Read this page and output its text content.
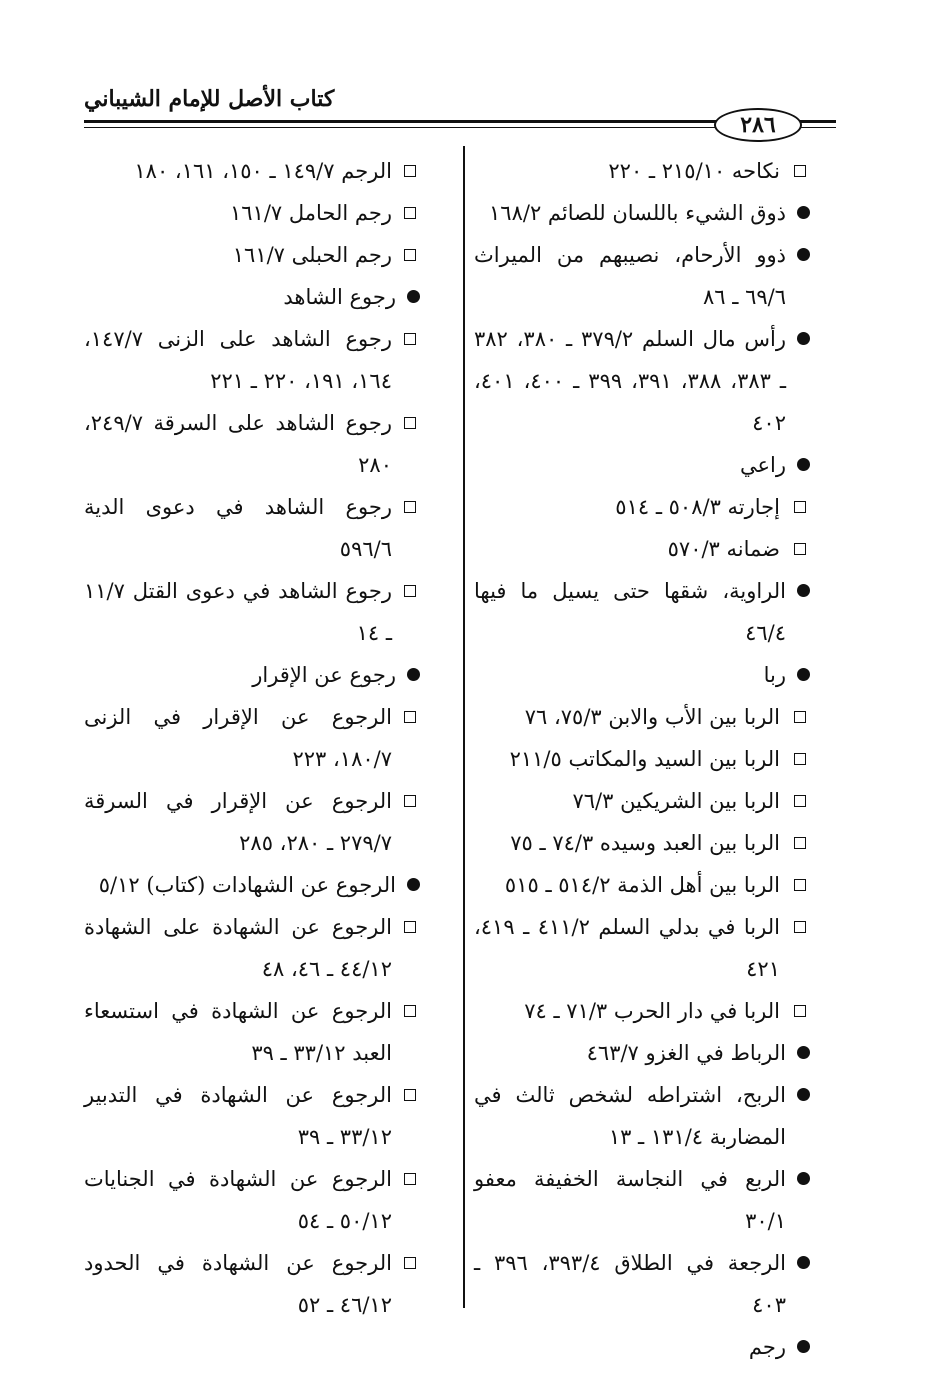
كتاب الأصل للإمام الشيباني
٢٨٦
نكاحه ٢١٥/١٠ ـ ٢٢٠
ذوق الشيء باللسان للصائم ١٦٨/٢
ذوو الأرحام، نصيبهم من الميراث ٦٩/٦ ـ ٨٦
رأس مال السلم ٣٧٩/٢ ـ ٣٨٠، ٣٨٢ ـ ٣٨٣، ٣٨٨، ٣٩١، ٣٩٩ ـ ٤٠٠، ٤٠١، ٤٠٢
راعي
إجارته ٥٠٨/٣ ـ ٥١٤
ضمانه ٥٧٠/٣
الراوية، شقها حتى يسيل ما فيها ٤٦/٤
ربا
الربا بين الأب والابن ٧٥/٣، ٧٦
الربا بين السيد والمكاتب ٢١١/٥
الربا بين الشريكين ٧٦/٣
الربا بين العبد وسيده ٧٤/٣ ـ ٧٥
الربا بين أهل الذمة ٥١٤/٢ ـ ٥١٥
الربا في بدلي السلم ٤١١/٢ ـ ٤١٩، ٤٢١
الربا في دار الحرب ٧١/٣ ـ ٧٤
الرباط في الغزو ٤٦٣/٧
الربح، اشتراطه لشخص ثالث في المضاربة ١٣١/٤ ـ ١٣
الربع في النجاسة الخفيفة معفو ٣٠/١
الرجعة في الطلاق ٣٩٣/٤، ٣٩٦ ـ ٤٠٣
رجم
الرجم ١٤٩/٧ ـ ١٥٠، ١٦١، ١٨٠
رجم الحامل ١٦١/٧
رجم الحبلى ١٦١/٧
رجوع الشاهد
رجوع الشاهد على الزنى ١٤٧/٧، ١٦٤، ١٩١، ٢٢٠ ـ ٢٢١
رجوع الشاهد على السرقة ٢٤٩/٧، ٢٨٠
رجوع الشاهد في دعوى الدية ٥٩٦/٦
رجوع الشاهد في دعوى القتل ١١/٧ ـ ١٤
رجوع عن الإقرار
الرجوع عن الإقرار في الزنى ١٨٠/٧، ٢٢٣
الرجوع عن الإقرار في السرقة ٢٧٩/٧ ـ ٢٨٠، ٢٨٥
الرجوع عن الشهادات (كتاب) ٥/١٢
الرجوع عن الشهادة على الشهادة ٤٤/١٢ ـ ٤٦، ٤٨
الرجوع عن الشهادة في استسعاء العبد ٣٣/١٢ ـ ٣٩
الرجوع عن الشهادة في التدبير ٣٣/١٢ ـ ٣٩
الرجوع عن الشهادة في الجنايات ٥٠/١٢ ـ ٥٤
الرجوع عن الشهادة في الحدود ٤٦/١٢ ـ ٥٢
